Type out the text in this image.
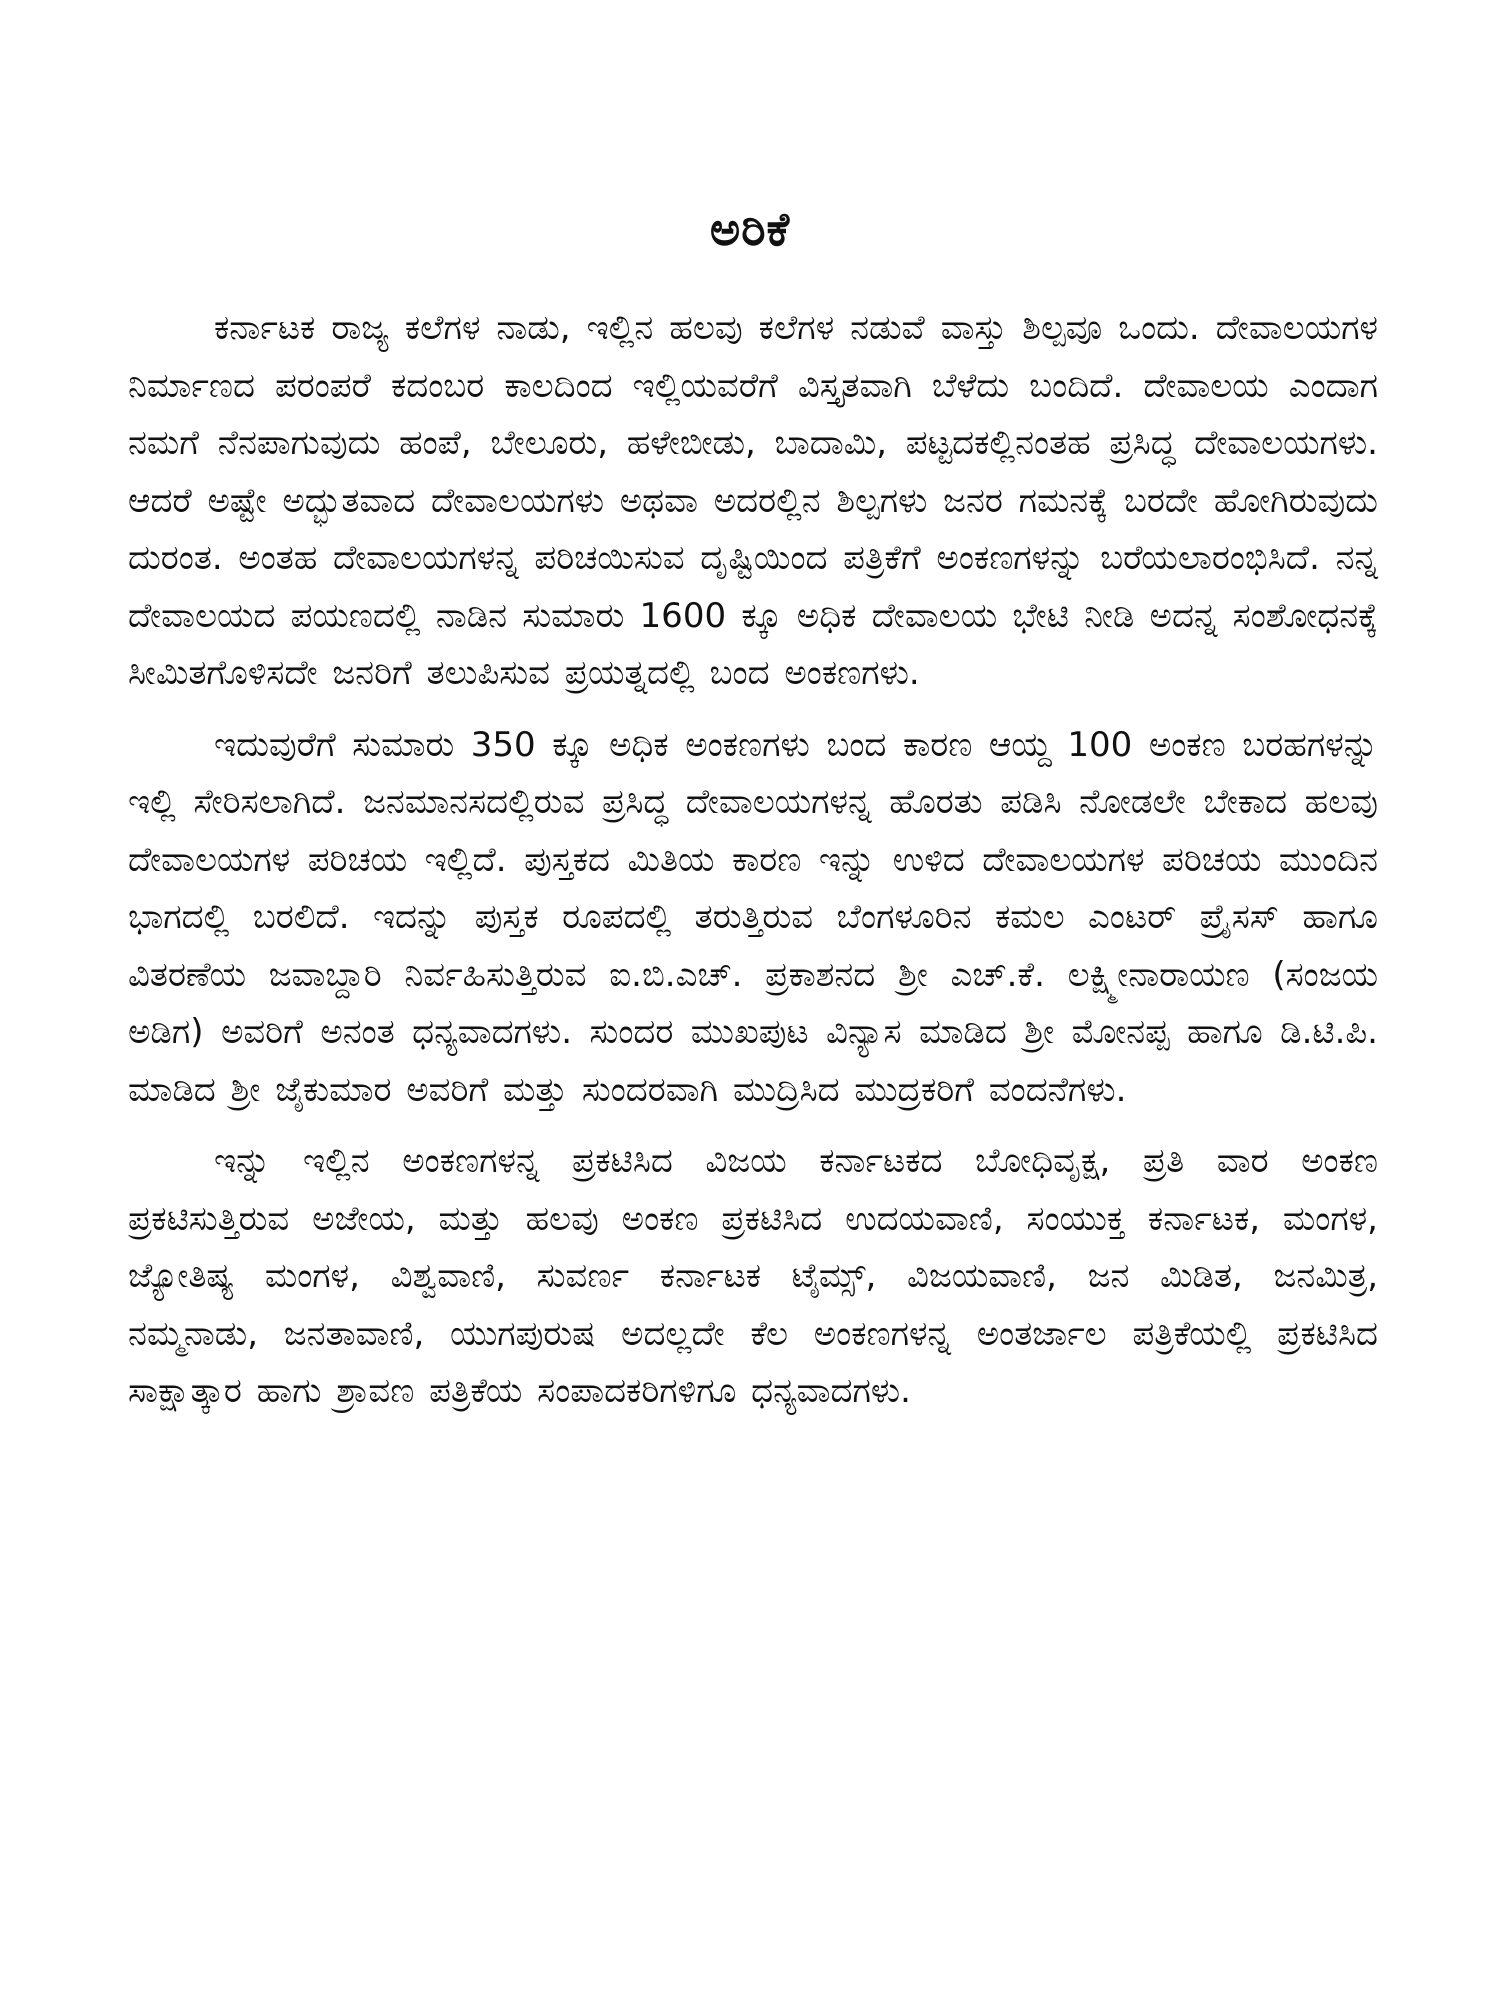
ಅರಿಕೆ

ಕರ್ನಾಟಕ ರಾಜ್ಯ ಕಲೆಗಳ ನಾಡು, ಇಲ್ಲಿನ ಹಲವು ಕಲೆಗಳ ನಡುವೆ ವಾಸ್ತು ಶಿಲ್ಪವೂ ಒಂದು. ದೇವಾಲಯಗಳ ನಿರ್ಮಾಣದ ಪರಂಪರೆ ಕದಂಬರ ಕಾಲದಿಂದ ಇಲ್ಲಿಯವರೆಗೆ ವಿಸ್ತೃತವಾಗಿ ಬೆಳೆದು ಬಂದಿದೆ. ದೇವಾಲಯ ಎಂದಾಗ ನಮಗೆ ನೆನಪಾಗುವುದು ಹಂಪೆ, ಬೇಲೂರು, ಹಳೇಬೀಡು, ಬಾದಾಮಿ, ಪಟ್ಟದಕಲ್ಲಿನಂತಹ ಪ್ರಸಿದ್ಧ ದೇವಾಲಯಗಳು. ಆದರೆ ಅಷ್ಟೇ ಅದ್ಭುತವಾದ ದೇವಾಲಯಗಳು ಅಥವಾ ಅದರಲ್ಲಿನ ಶಿಲ್ಪಗಳು ಜನರ ಗಮನಕ್ಕೆ ಬರದೇ ಹೋಗಿರುವುದು ದುರಂತ. ಅಂತಹ ದೇವಾಲಯಗಳನ್ನ ಪರಿಚಯಿಸುವ ದೃಷ್ಟಿಯಿಂದ ಪತ್ರಿಕೆಗೆ ಅಂಕಣಗಳನ್ನು ಬರೆಯಲಾರಂಭಿಸಿದೆ. ನನ್ನ ದೇವಾಲಯದ ಪಯಣದಲ್ಲಿ ನಾಡಿನ ಸುಮಾರು 1600 ಕ್ಕೂ ಅಧಿಕ ದೇವಾಲಯ ಭೇಟಿ ನೀಡಿ ಅದನ್ನ ಸಂಶೋಧನಕ್ಕೆ ಸೀಮಿತಗೊಳಿಸದೇ ಜನರಿಗೆ ತಲುಪಿಸುವ ಪ್ರಯತ್ನದಲ್ಲಿ ಬಂದ ಅಂಕಣಗಳು.

ಇದುವುರೆಗೆ ಸುಮಾರು 350 ಕ್ಕೂ ಅಧಿಕ ಅಂಕಣಗಳು ಬಂದ ಕಾರಣ ಆಯ್ದ 100 ಅಂಕಣ ಬರಹಗಳನ್ನು ಇಲ್ಲಿ ಸೇರಿಸಲಾಗಿದೆ. ಜನಮಾನಸದಲ್ಲಿರುವ ಪ್ರಸಿದ್ಧ ದೇವಾಲಯಗಳನ್ನ ಹೊರತು ಪಡಿಸಿ ನೋಡಲೇ ಬೇಕಾದ ಹಲವು ದೇವಾಲಯಗಳ ಪರಿಚಯ ಇಲ್ಲಿದೆ. ಪುಸ್ತಕದ ಮಿತಿಯ ಕಾರಣ ಇನ್ನು ಉಳಿದ ದೇವಾಲಯಗಳ ಪರಿಚಯ ಮುಂದಿನ ಭಾಗದಲ್ಲಿ ಬರಲಿದೆ. ಇದನ್ನು ಪುಸ್ತಕ ರೂಪದಲ್ಲಿ ತರುತ್ತಿರುವ ಬೆಂಗಳೂರಿನ ಕಮಲ ಎಂಟರ್ ಪ್ರೈಸಸ್ ಹಾಗೂ ವಿತರಣೆಯ ಜವಾಬ್ದಾರಿ ನಿರ್ವಹಿಸುತ್ತಿರುವ ಐ.ಬಿ.ಎಚ್. ಪ್ರಕಾಶನದ ಶ್ರೀ ಎಚ್.ಕೆ. ಲಕ್ಷ್ಮೀನಾರಾಯಣ (ಸಂಜಯ ಅಡಿಗ) ಅವರಿಗೆ ಅನಂತ ಧನ್ಯವಾದಗಳು. ಸುಂದರ ಮುಖಪುಟ ವಿನ್ಯಾಸ ಮಾಡಿದ ಶ್ರೀ ಮೋನಪ್ಪ ಹಾಗೂ ಡಿ.ಟಿ.ಪಿ. ಮಾಡಿದ ಶ್ರೀ ಜೈಕುಮಾರ ಅವರಿಗೆ ಮತ್ತು ಸುಂದರವಾಗಿ ಮುದ್ರಿಸಿದ ಮುದ್ರಕರಿಗೆ ವಂದನೆಗಳು.

ಇನ್ನು ಇಲ್ಲಿನ ಅಂಕಣಗಳನ್ನ ಪ್ರಕಟಿಸಿದ ವಿಜಯ ಕರ್ನಾಟಕದ ಬೋಧಿವೃಕ್ಷ, ಪ್ರತಿ ವಾರ ಅಂಕಣ ಪ್ರಕಟಿಸುತ್ತಿರುವ ಅಜೇಯ, ಮತ್ತು ಹಲವು ಅಂಕಣ ಪ್ರಕಟಿಸಿದ ಉದಯವಾಣಿ, ಸಂಯುಕ್ತ ಕರ್ನಾಟಕ, ಮಂಗಳ, ಜ್ಯೋತಿಷ್ಯ ಮಂಗಳ, ವಿಶ್ವವಾಣಿ, ಸುವರ್ಣ ಕರ್ನಾಟಕ ಟೈಮ್ಸ್, ವಿಜಯವಾಣಿ, ಜನ ಮಿಡಿತ, ಜನಮಿತ್ರ, ನಮ್ಮನಾಡು, ಜನತಾವಾಣಿ, ಯುಗಪುರುಷ ಅದಲ್ಲದೇ ಕೆಲ ಅಂಕಣಗಳನ್ನ ಅಂತರ್ಜಾಲ ಪತ್ರಿಕೆಯಲ್ಲಿ ಪ್ರಕಟಿಸಿದ ಸಾಕ್ಷಾತ್ಕಾರ ಹಾಗು ಶ್ರಾವಣ ಪತ್ರಿಕೆಯ ಸಂಪಾದಕರಿಗಳಿಗೂ ಧನ್ಯವಾದಗಳು.
